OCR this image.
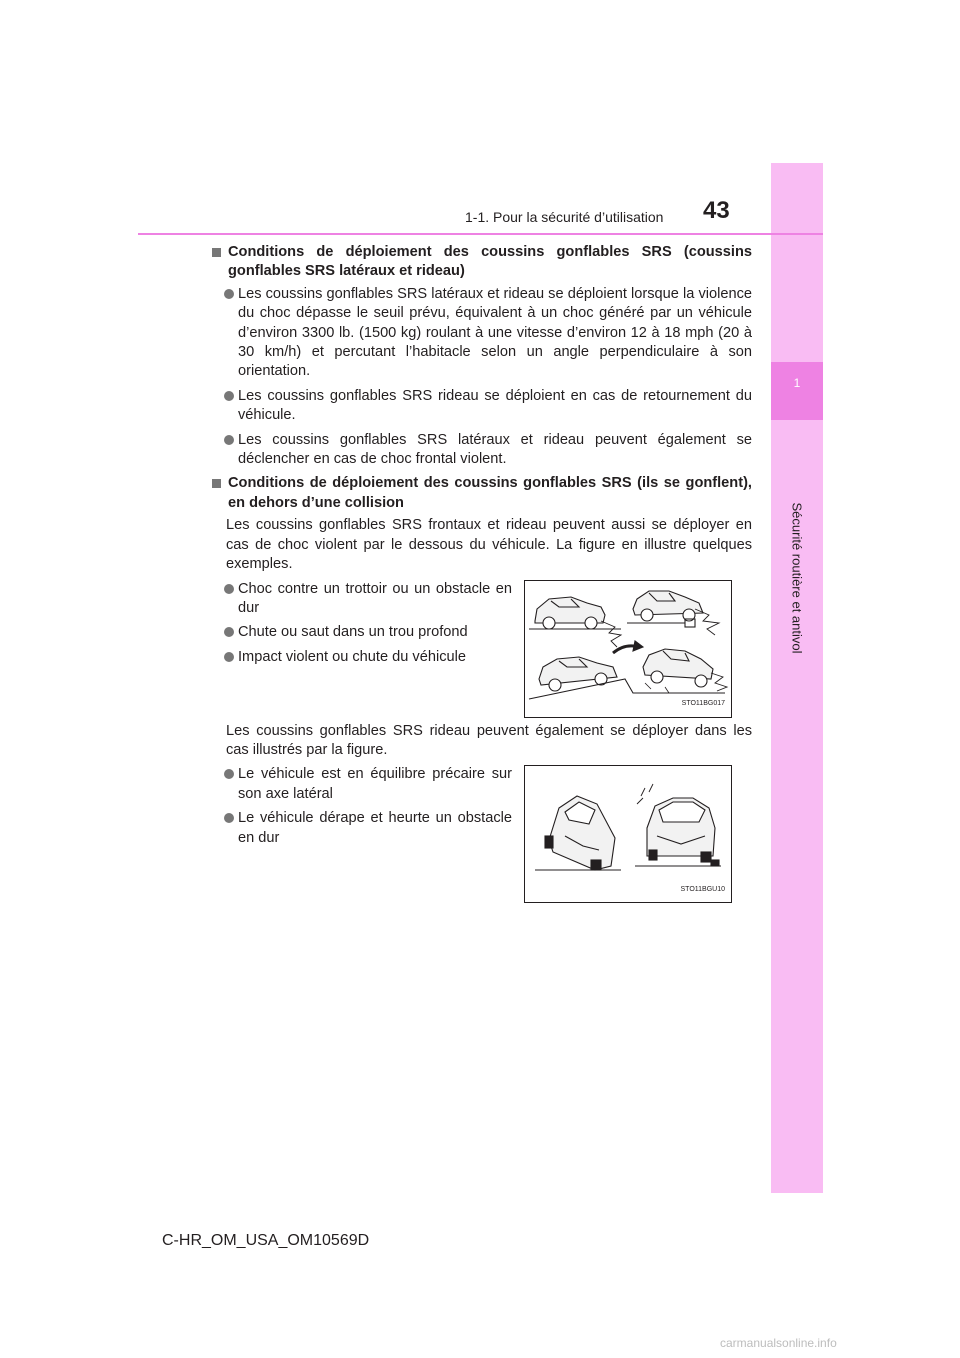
1
Sécurité routière et antivol
1-1. Pour la sécurité d’utilisation 43
Conditions de déploiement des coussins gonflables SRS (coussins gonflables SRS latéraux et rideau)
Les coussins gonflables SRS latéraux et rideau se déploient lorsque la violence du choc dépasse le seuil prévu, équivalent à un choc généré par un véhicule d’environ 3300 lb. (1500 kg) roulant à une vitesse d’environ 12 à 18 mph (20 à 30 km/h) et percutant l’habitacle selon un angle perpendiculaire à son orientation.
Les coussins gonflables SRS rideau se déploient en cas de retournement du véhicule.
Les coussins gonflables SRS latéraux et rideau peuvent également se déclencher en cas de choc frontal violent.
Conditions de déploiement des coussins gonflables SRS (ils se gonflent), en dehors d’une collision
Les coussins gonflables SRS frontaux et rideau peuvent aussi se déployer en cas de choc violent par le dessous du véhicule. La figure en illustre quelques exemples.
Choc contre un trottoir ou un obstacle en dur
Chute ou saut dans un trou profond
Impact violent ou chute du véhicule
STO11BG017
Les coussins gonflables SRS rideau peuvent également se déployer dans les cas illustrés par la figure.
Le véhicule est en équilibre précaire sur son axe latéral
Le véhicule dérape et heurte un obstacle en dur
STO11BGU10
C-HR_OM_USA_OM10569D
carmanualsonline.info
